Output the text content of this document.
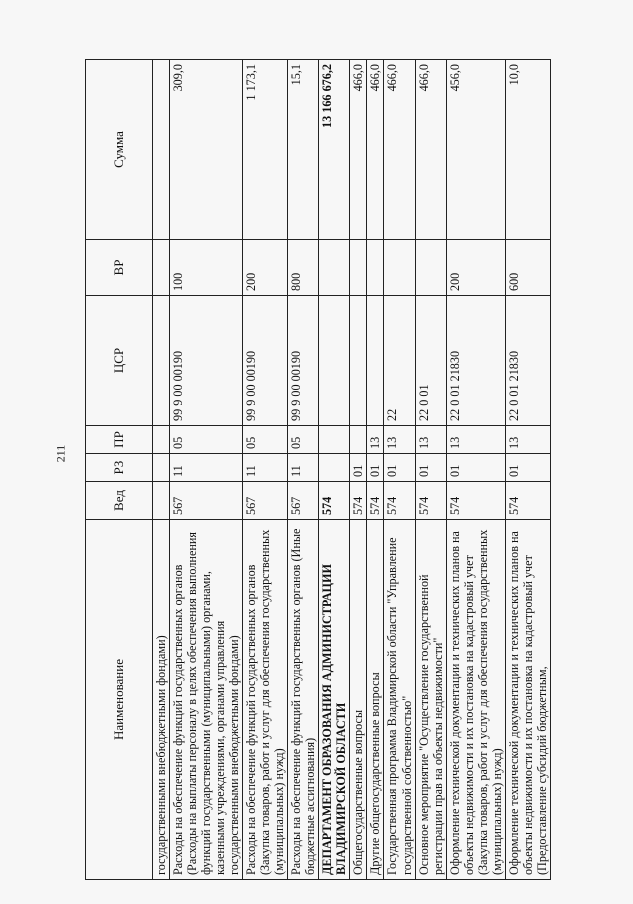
211
Наименование	Вед	РЗ	ПР	ЦСР	ВР	Сумма
государственными внебюджетными фондами)						
Расходы на обеспечение функций государственных органов (Расходы на выплаты персоналу в целях обеспечения выполнения функций государственными (муниципальными) органами, казенными учреждениями, органами управления государственными внебюджетными фондами)	567	11	05	99 9 00 00190	100	309,0
Расходы на обеспечение функций государственных органов (Закупка товаров, работ и услуг для обеспечения государственных (муниципальных) нужд)	567	11	05	99 9 00 00190	200	1 173,1
Расходы на обеспечение функций государственных органов (Иные бюджетные ассигнования)	567	11	05	99 9 00 00190	800	15,1
ДЕПАРТАМЕНТ ОБРАЗОВАНИЯ АДМИНИСТРАЦИИ ВЛАДИМИРСКОЙ ОБЛАСТИ	574					13 166 676,2
Общегосударственные вопросы	574	01				466,0
Другие общегосударственные вопросы	574	01	13			466,0
Государственная программа Владимирской области "Управление государственной собственностью"	574	01	13	22		466,0
Основное мероприятие "Осуществление государственной регистрации прав на объекты недвижимости"	574	01	13	22 0 01		466,0
Оформление технической документации и технических планов на объекты недвижимости и их постановка на кадастровый учет (Закупка товаров, работ и услуг для обеспечения государственных (муниципальных) нужд)	574	01	13	22 0 01 21830	200	456,0
Оформление технической документации и технических планов на объекты недвижимости и их постановка на кадастровый учет (Предоставление субсидий бюджетным,	574	01	13	22 0 01 21830	600	10,0
